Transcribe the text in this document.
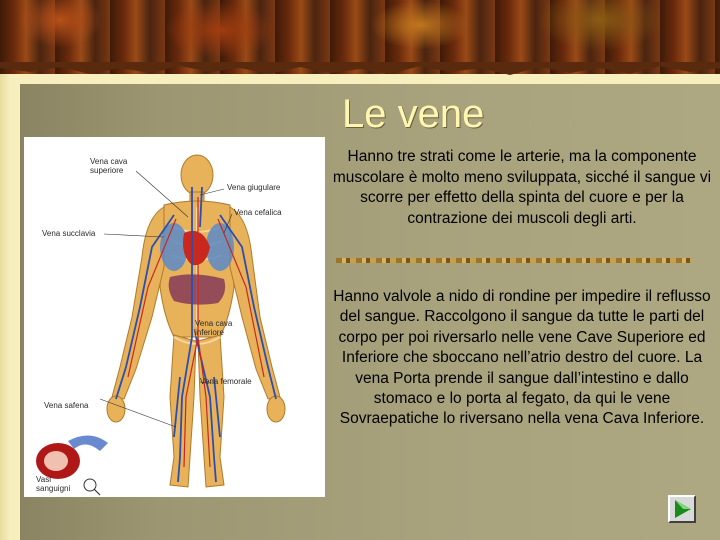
Le vene
Vena cava superiore
Vena giugulare
Vena cefalica
Vena succlavia
Vena cava inferiore
Vena femorale
Vena safena
Vasi sanguigni
Hanno tre strati come le arterie, ma la componente muscolare è molto meno sviluppata, sicché il sangue vi scorre per effetto della spinta del cuore e per la contrazione dei muscoli degli arti.
Hanno valvole a nido di rondine per impedire il reflusso del sangue. Raccolgono il sangue da tutte le parti del corpo per poi riversarlo nelle vene Cave Superiore ed Inferiore che sboccano nell’atrio destro del cuore. La vena Porta prende il sangue dall’intestino e dallo stomaco e lo porta al fegato, da qui le vene Sovraepatiche lo riversano nella vena Cava Inferiore.
